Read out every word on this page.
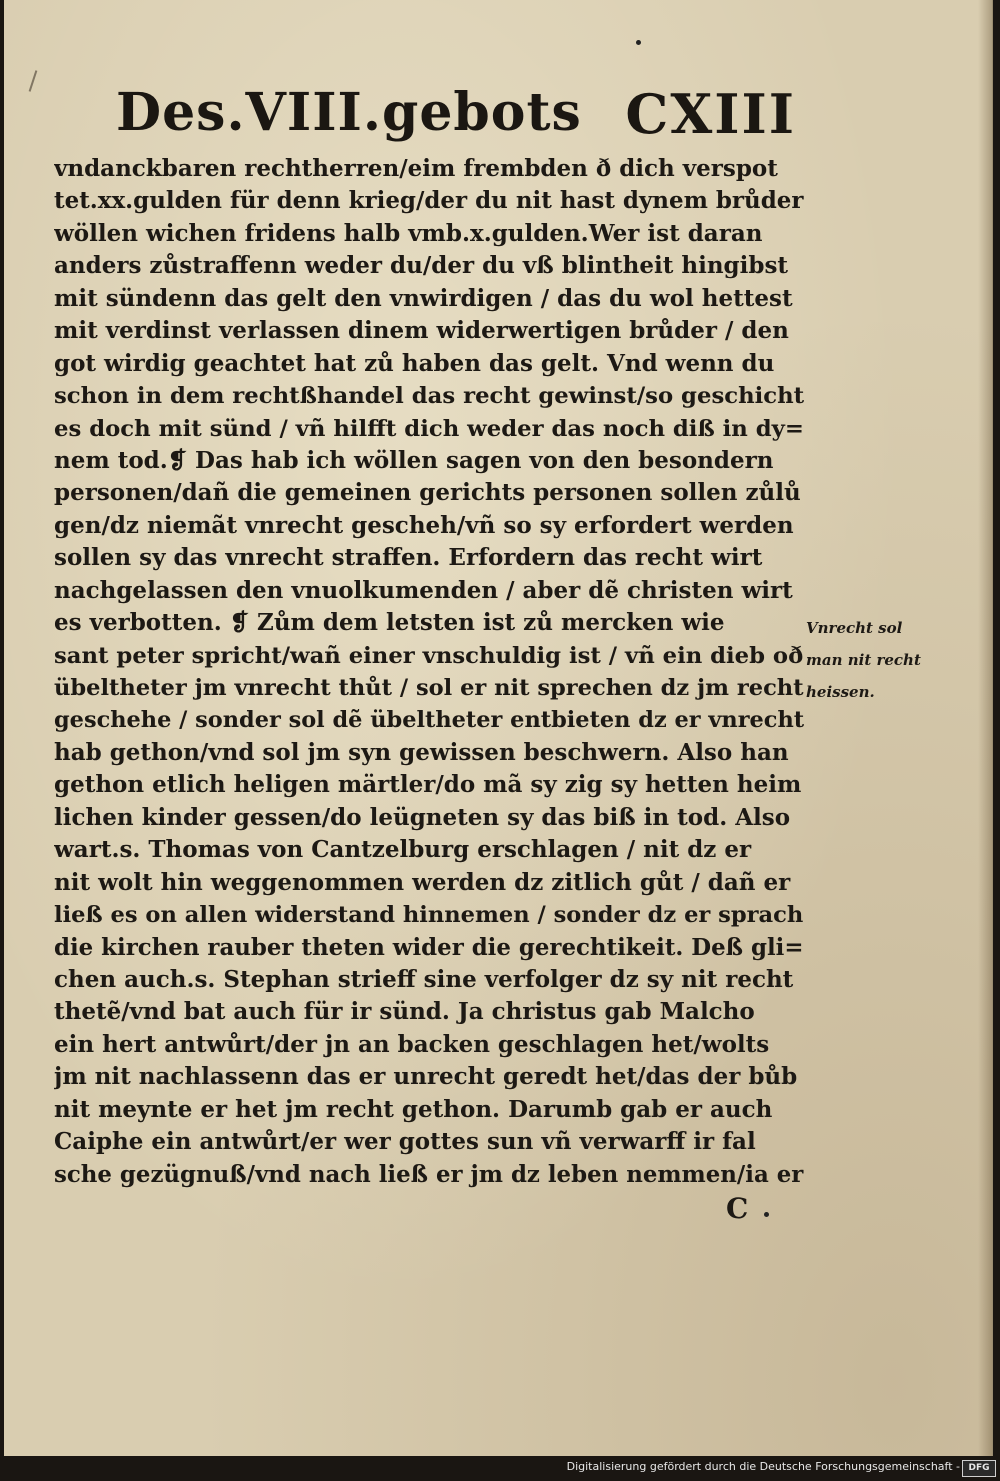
Des.VIII.gebots CXIII
vndanckbaren rechtherren/eim frembden ð dich verspot
tet.xx.gulden für denn krieg/der du nit hast dynem brůder
wöllen wichen fridens halb vmb.x.gulden.Wer ist daran
anders zůstraffenn weder du/der du vß blintheit hingibst
mit sündenn das gelt den vnwirdigen / das du wol hettest
mit verdinst verlassen dinem widerwertigen brůder / den
got wirdig geachtet hat zů haben das gelt. Vnd wenn du
schon in dem rechtßhandel das recht gewinst/so geschicht
es doch mit sünd / vñ hilfft dich weder das noch diß in dy=
nem tod.❡ Das hab ich wöllen sagen von den besondern
personen/dañ die gemeinen gerichts personen sollen zůlů
gen/dz niemãt vnrecht gescheh/vñ so sy erfordert werden
sollen sy das vnrecht straffen. Erfordern das recht wirt
nachgelassen den vnuolkumenden / aber dẽ christen wirt
es verbotten. ❡ Zům dem letsten ist zů mercken wie
sant peter spricht/wañ einer vnschuldig ist / vñ ein dieb oð
übeltheter jm vnrecht thůt / sol er nit sprechen dz jm recht
geschehe / sonder sol dẽ übeltheter entbieten dz er vnrecht
hab gethon/vnd sol jm syn gewissen beschwern. Also han
gethon etlich heligen märtler/do mã sy zig sy hetten heim
lichen kinder gessen/do leügneten sy das biß in tod. Also
wart.s. Thomas von Cantzelburg erschlagen / nit dz er
nit wolt hin weggenommen werden dz zitlich gůt / dañ er
ließ es on allen widerstand hinnemen / sonder dz er sprach
die kirchen rauber theten wider die gerechtikeit. Deß gli=
chen auch.s. Stephan strieff sine verfolger dz sy nit recht
thetẽ/vnd bat auch für ir sünd. Ja christus gab Malcho
ein hert antwůrt/der jn an backen geschlagen het/wolts
jm nit nachlassenn das er unrecht geredt het/das der bůb
nit meynte er het jm recht gethon. Darumb gab er auch
Caiphe ein antwůrt/er wer gottes sun vñ verwarff ir fal
sche gezügnuß/vnd nach ließ er jm dz leben nemmen/ia er
Vnrecht sol
man nit recht
heissen.
C
Digitalisierung gefördert durch die Deutsche Forschungsgemeinschaft - DFG
